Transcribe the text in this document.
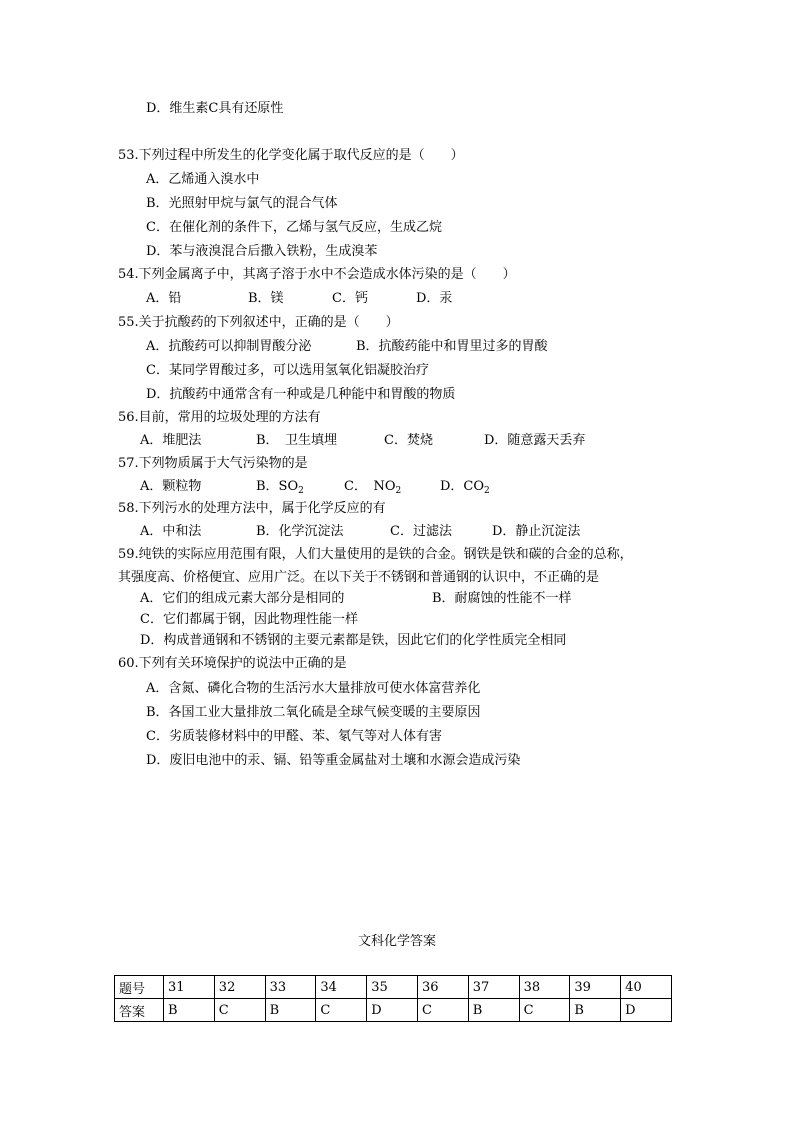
D．维生素C具有还原性
53.下列过程中所发生的化学变化属于取代反应的是（　　）
A．乙烯通入溴水中
B．光照射甲烷与氯气的混合气体
C．在催化剂的条件下，乙烯与氢气反应，生成乙烷
D．苯与液溴混合后撒入铁粉，生成溴苯
54.下列金属离子中，其离子溶于水中不会造成水体污染的是（　　）
A．铅	B．镁	C．钙	D．汞
55.关于抗酸药的下列叙述中，正确的是（　　）
A．抗酸药可以抑制胃酸分泌	B．抗酸药能中和胃里过多的胃酸
C．某同学胃酸过多，可以选用氢氧化铝凝胶治疗
D．抗酸药中通常含有一种或是几种能中和胃酸的物质
56.目前，常用的垃圾处理的方法有
A．堆肥法	B．　卫生填埋	C．焚烧	D．随意露天丢弃
57.下列物质属于大气污染物的是
A．颗粒物	B．$SO_2$	C．　$NO_2$	D．$CO_2$
58.下列污水的处理方法中，属于化学反应的有
A．中和法	B．化学沉淀法	C．过滤法	D．静止沉淀法
59.纯铁的实际应用范围有限，人们大量使用的是铁的合金。钢铁是铁和碳的合金的总称，
其强度高、价格便宜、应用广泛。在以下关于不锈钢和普通钢的认识中，不正确的是
A．它们的组成元素大部分是相同的	B．耐腐蚀的性能不一样
C．它们都属于钢，因此物理性能一样
D．构成普通钢和不锈钢的主要元素都是铁，因此它们的化学性质完全相同
60.下列有关环境保护的说法中正确的是
A．含氮、磷化合物的生活污水大量排放可使水体富营养化
B．各国工业大量排放二氧化硫是全球气候变暖的主要原因
C．劣质装修材料中的甲醛、苯、氡气等对人体有害
D．废旧电池中的汞、镉、铅等重金属盐对土壤和水源会造成污染
文科化学答案
题号	31	32	33	34	35	36	37	38	39	40
答案	B	C	B	C	D	C	B	C	B	D
